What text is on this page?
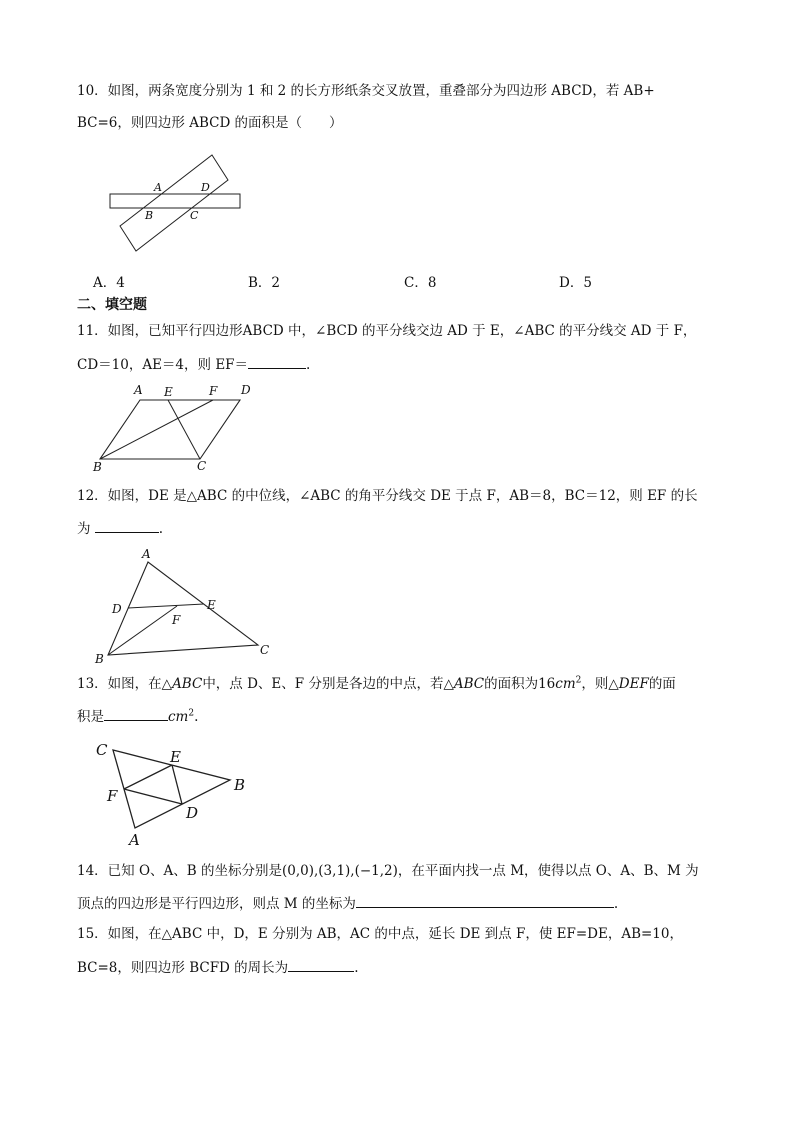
10．如图，两条宽度分别为 1 和 2 的长方形纸条交叉放置，重叠部分为四边形 ABCD，若 AB+
BC=6，则四边形 ABCD 的面积是（　　）
A	D
B	C
A．4	B．2	C．8	D．5
二、填空题
11．如图，已知平行四边形ABCD 中，∠BCD 的平分线交边 AD 于 E，∠ABC 的平分线交 AD 于 F，
CD＝10，AE＝4，则 EF＝	.
A E	F D
B	C
12．如图，DE 是△ABC 的中位线，∠ABC 的角平分线交 DE 于点 F，AB＝8，BC＝12，则 EF 的长
为	.
A
D	E
F
B
C
13．如图，在△ABC中，点 D、E、F 分别是各边的中点，若△ABC的面积为$16cm^2$，则△DEF的面
积是	$cm^2$.
C	E
B
F
D
A
14．已知 O、A、B 的坐标分别是(0,0),(3,1),(−1,2)，在平面内找一点 M，使得以点 O、A、B、M 为
顶点的四边形是平行四边形，则点 M 的坐标为	.
15．如图，在△ABC 中，D，E 分别为 AB，AC 的中点，延长 DE 到点 F，使 EF=DE，AB=10，
BC=8，则四边形 BCFD 的周长为	.
